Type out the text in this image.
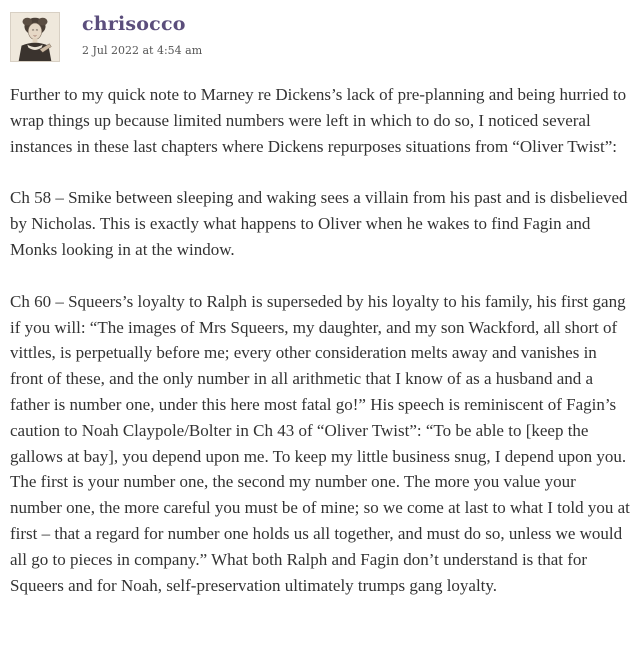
chrisocco
2 Jul 2022 at 4:54 am

Further to my quick note to Marney re Dickens’s lack of pre-planning and being hurried to wrap things up because limited numbers were left in which to do so, I noticed several instances in these last chapters where Dickens repurposes situations from “Oliver Twist”:

Ch 58 – Smike between sleeping and waking sees a villain from his past and is disbelieved by Nicholas. This is exactly what happens to Oliver when he wakes to find Fagin and Monks looking in at the window.

Ch 60 – Squeers’s loyalty to Ralph is superseded by his loyalty to his family, his first gang if you will: “The images of Mrs Squeers, my daughter, and my son Wackford, all short of vittles, is perpetually before me; every other consideration melts away and vanishes in front of these, and the only number in all arithmetic that I know of as a husband and a father is number one, under this here most fatal go!” His speech is reminiscent of Fagin’s caution to Noah Claypole/Bolter in Ch 43 of “Oliver Twist”: “To be able to [keep the gallows at bay], you depend upon me. To keep my little business snug, I depend upon you. The first is your number one, the second my number one. The more you value your number one, the more careful you must be of mine; so we come at last to what I told you at first – that a regard for number one holds us all together, and must do so, unless we would all go to pieces in company.” What both Ralph and Fagin don’t understand is that for Squeers and for Noah, self-preservation ultimately trumps gang loyalty.
